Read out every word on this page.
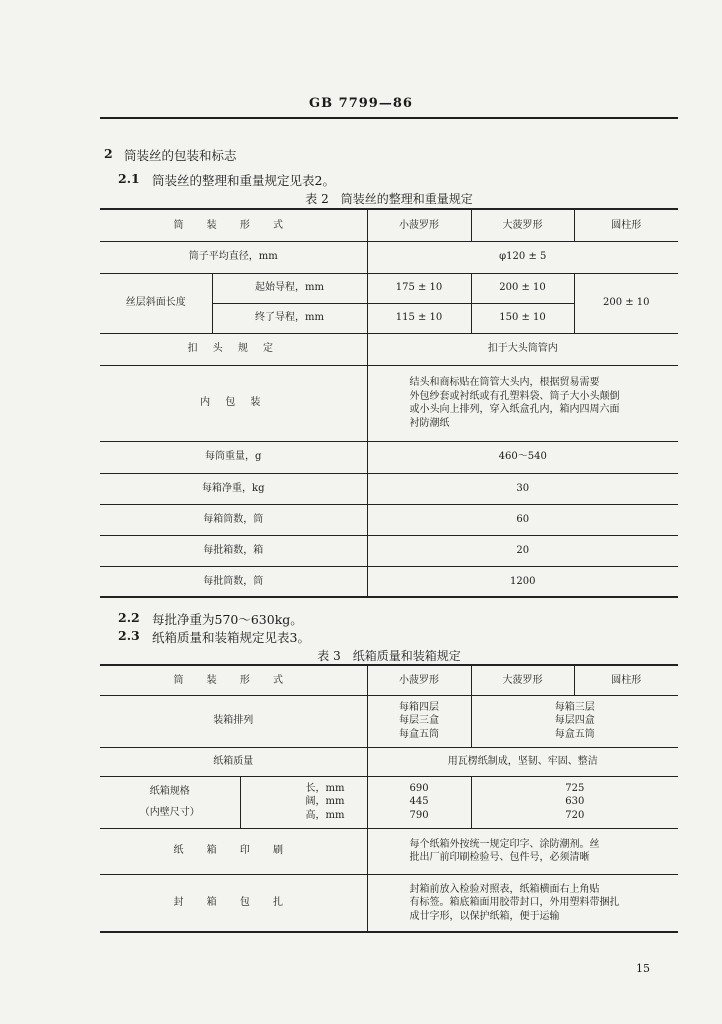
GB 7799—86
2 筒装丝的包装和标志
2.1 筒装丝的整理和重量规定见表2。
表 2　筒装丝的整理和重量规定
筒 装 形 式		小菠罗形	大菠罗形	圆柱形
筒子平均直径，mm		φ120 ± 5		
丝层斜面长度	起始导程，mm	175 ± 10	200 ± 10	200 ± 10
	终了导程，mm	115 ± 10	150 ± 10	
扣 头 规 定		扣于大头筒管内		
内 包 装		结头和商标贴在筒管大头内，根据贸易需要
外包纱套或衬纸或有孔塑料袋、筒子大小头颠倒
或小头向上排列，穿入纸盒孔内，箱内四周六面
衬防潮纸		

每筒重量，g		460～540		
每箱净重，kg		30		
每箱筒数，筒		60		
每批箱数，箱		20		
每批筒数，筒		1200		
2.2 每批净重为570～630kg。
2.3 纸箱质量和装箱规定见表3。
表 3　纸箱质量和装箱规定
筒 装 形 式		小菠罗形	大菠罗形	圆柱形
装箱排列		每箱四层
每层三盒
每盒五筒	每箱三层
每层四盒
每盒五筒	

纸箱质量		用瓦楞纸制成，坚韧、牢固、整洁		

纸箱规格
（内壁尺寸）	长，mm
阔，mm
高，mm	690
445
790	725
630
720	

纸 箱 印 刷		每个纸箱外按统一规定印字、涂防潮剂。丝
批出厂前印刷检验号、包件号，必须清晰		

封 箱 包 扎		封箱前放入检验对照表，纸箱横面右上角贴
有标签。箱底箱面用胶带封口，外用塑料带捆扎
成廿字形，以保护纸箱，便于运输		
15
